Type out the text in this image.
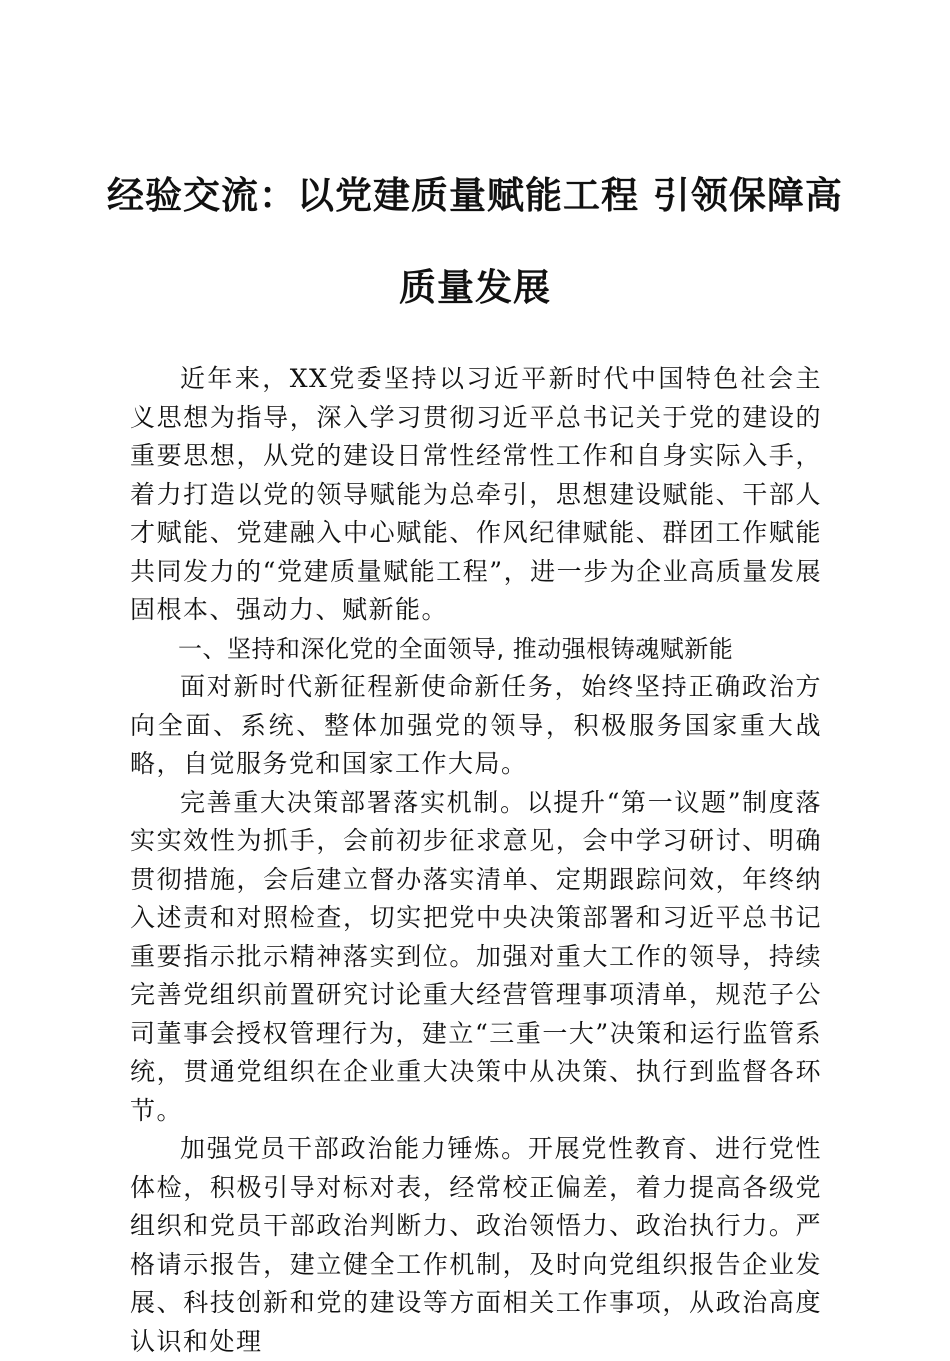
经验交流：以党建质量赋能工程 引领保障高
质量发展

近年来，XX党委坚持以习近平新时代中国特色社会主义思想为指导，深入学习贯彻习近平总书记关于党的建设的重要思想，从党的建设日常性经常性工作和自身实际入手，着力打造以党的领导赋能为总牵引，思想建设赋能、干部人才赋能、党建融入中心赋能、作风纪律赋能、群团工作赋能共同发力的“党建质量赋能工程”，进一步为企业高质量发展固根本、强动力、赋新能。

一、坚持和深化党的全面领导, 推动强根铸魂赋新能

面对新时代新征程新使命新任务，始终坚持正确政治方向全面、系统、整体加强党的领导，积极服务国家重大战略，自觉服务党和国家工作大局。

完善重大决策部署落实机制。以提升“第一议题”制度落实实效性为抓手，会前初步征求意见，会中学习研讨、明确贯彻措施，会后建立督办落实清单、定期跟踪问效，年终纳入述责和对照检查，切实把党中央决策部署和习近平总书记重要指示批示精神落实到位。加强对重大工作的领导，持续完善党组织前置研究讨论重大经营管理事项清单，规范子公司董事会授权管理行为，建立“三重一大”决策和运行监管系统，贯通党组织在企业重大决策中从决策、执行到监督各环节。

加强党员干部政治能力锤炼。开展党性教育、进行党性体检，积极引导对标对表，经常校正偏差，着力提高各级党组织和党员干部政治判断力、政治领悟力、政治执行力。严格请示报告，建立健全工作机制，及时向党组织报告企业发展、科技创新和党的建设等方面相关工作事项，从政治高度认识和处理
